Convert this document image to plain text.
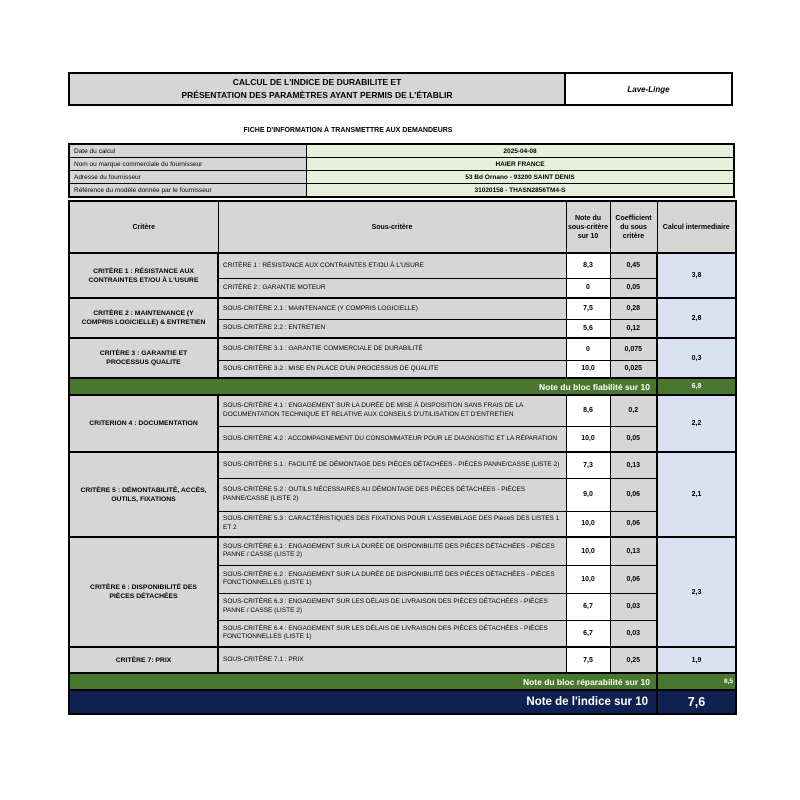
CALCUL DE L'INDICE DE DURABILITE ET
PRÉSENTATION DES PARAMÈTRES AYANT PERMIS DE L'ÉTABLIR
Lave-Linge
FICHE D'INFORMATION À TRANSMETTRE AUX DEMANDEURS
Date du calcul	2025-04-08
Nom ou marque commerciale du fournisseur	HAIER FRANCE
Adresse du fournisseur	53 Bd Ornano - 93200 SAINT DENIS
Référence du modèle donnée par le fournisseur	31020158 - THASN2856TM4-S
Critère	Sous-critère	Note du sous-critère sur 10	Coefficient du sous critère	Calcul intermediaire
CRITÈRE 1 : RÉSISTANCE AUX CONTRAINTES ET/OU À L'USURE	CRITÈRE 1 : RÉSISTANCE AUX CONTRAINTES ET/OU À L'USURE	8,3	0,45	3,8
	CRITÈRE 2 : GARANTIE MOTEUR	0	0,05	
CRITÈRE 2 : MAINTENANCE (Y COMPRIS LOGICIELLE) & ENTRETIEN	SOUS-CRITÈRE 2.1 : MAINTENANCE (Y COMPRIS LOGICIELLE)	7,5	0,28	2,8
	SOUS-CRITÈRE 2.2 : ENTRETIEN	5,6	0,12	
CRITÈRE 3 : GARANTIE ET PROCESSUS QUALITE	SOUS-CRITÈRE 3.1 : GARANTIE COMMERCIALE DE DURABILITÉ	0	0,075	0,3
	SOUS-CRITÈRE 3.2 : MISE EN PLACE D'UN PROCESSUS DE QUALITE	10,0	0,025	
Note du bloc fiabilité sur 10				6,8
CRITERION 4 : DOCUMENTATION	SOUS-CRITÈRE 4.1 : ENGAGEMENT SUR LA DURÉE DE MISE À DISPOSITION SANS FRAIS DE LA DOCUMENTATION TECHNIQUE ET RELATIVE AUX CONSEILS D'UTILISATION ET D'ENTRETIEN	8,6	0,2	2,2
	SOUS-CRITÈRE 4.2 : ACCOMPAGNEMENT DU CONSOMMATEUR POUR LE DIAGNOSTIC ET LA RÉPARATION	10,0	0,05	
CRITÈRE 5 : DÉMONTABILITÉ, ACCÈS, OUTILS, FIXATIONS	SOUS-CRITÈRE 5.1 : FACILITÉ DE DÉMONTAGE DES PIÈCES DÉTACHÉES - PIÈCES PANNE/CASSE (LISTE 2)	7,3	0,13	2,1
	SOUS-CRITÈRE 5.2 : OUTILS NÉCESSAIRES AU DÉMONTAGE DES PIÈCES DÉTACHÉES - PIÈCES PANNE/CASSE (LISTE 2)	9,0	0,06	
	SOUS-CRITÈRE 5.3 : CARACTÉRISTIQUES DES FIXATIONS POUR L'ASSEMBLAGE DES PièceS DES LISTES 1 ET 2	10,0	0,06	
CRITÈRE 6 : DISPONIBILITÉ DES PIÈCES DÉTACHÉES	SOUS-CRITÈRE 6.1 : ENGAGEMENT SUR LA DURÉE DE DISPONIBILITÉ DES PIÈCES DÉTACHÉES - PIÈCES PANNE / CASSE (LISTE 2)	10,0	0,13	2,3
	SOUS-CRITÈRE 6.2 : ENGAGEMENT SUR LA DURÉE DE DISPONIBILITÉ DES PIÈCES DÉTACHÉES - PIÈCES FONCTIONNELLES (LISTE 1)	10,0	0,06	
	SOUS-CRITÈRE 6.3 : ENGAGEMENT SUR LES DÉLAIS DE LIVRAISON DES PIÈCES DÉTACHÉES - PIÈCES PANNE / CASSE (LISTE 2)	6,7	0,03	
	SOUS-CRITÈRE 6.4 : ENGAGEMENT SUR LES DÉLAIS DE LIVRAISON DES PIÈCES DÉTACHÉES - PIÈCES FONCTIONNELLES (LISTE 1)	6,7	0,03	
CRITÈRE 7: PRIX	SOUS-CRITÈRE 7.1 : PRIX	7,5	0,25	1,9
Note du bloc réparabilité sur 10				8,5
Note de l'indice sur 10				7,6
